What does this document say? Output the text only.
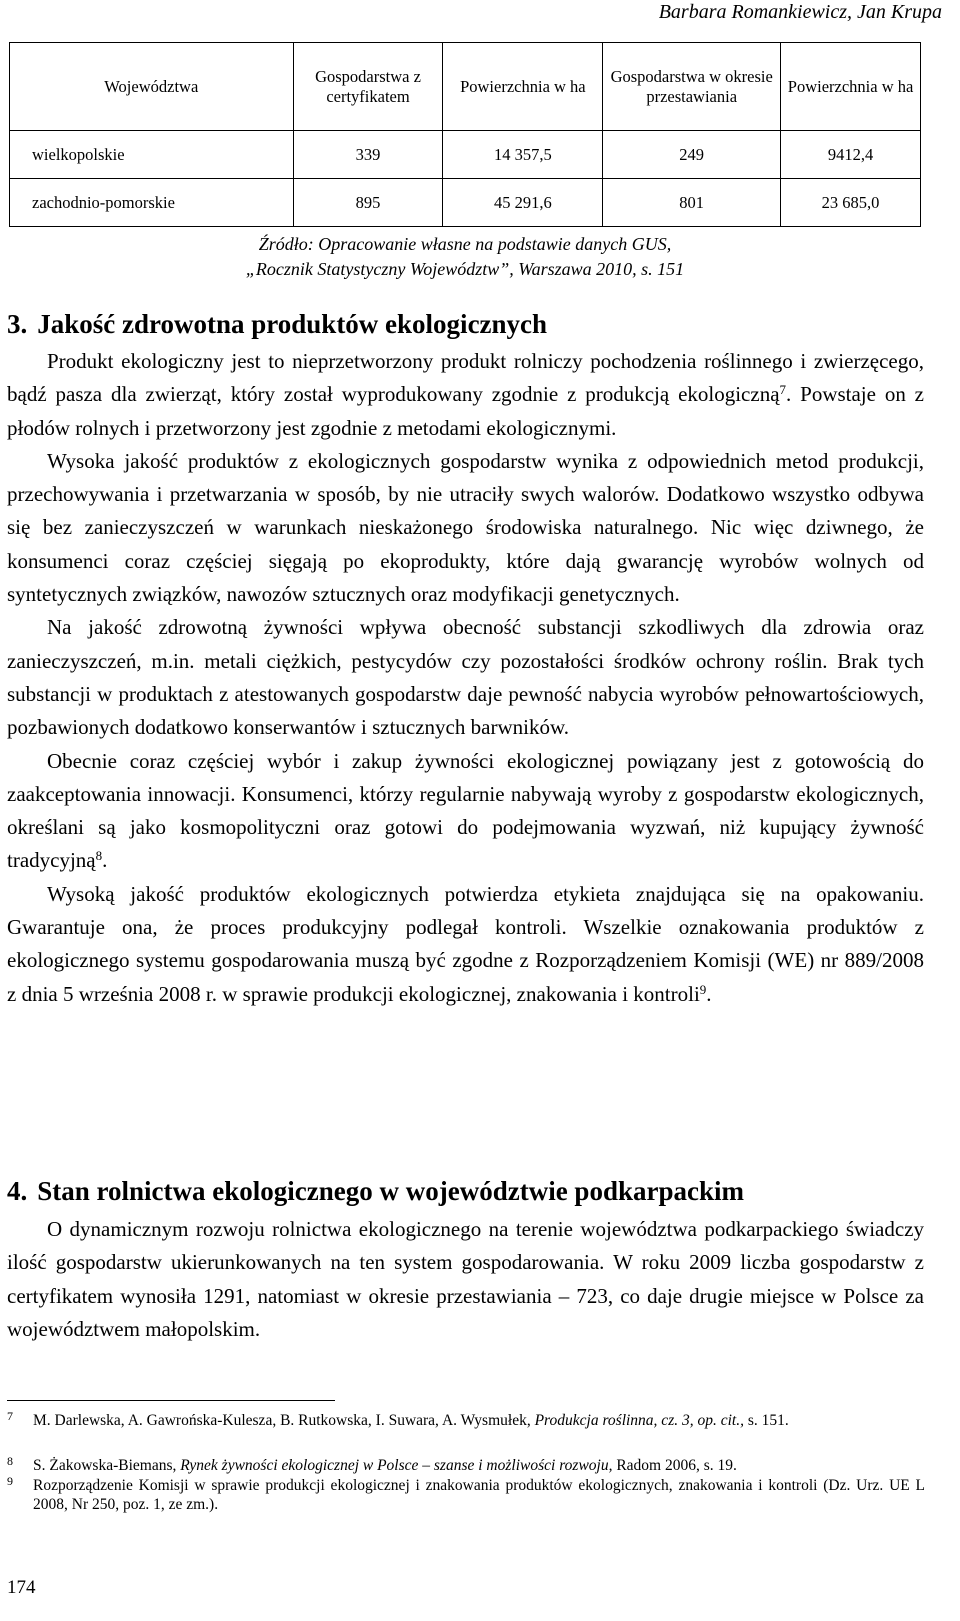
Barbara Romankiewicz, Jan Krupa
Województwa	Gospodarstwa z certyfikatem	Powierzchnia w ha	Gospodarstwa w okresie przestawiania	Powierzchnia w ha
wielkopolskie	339	14 357,5	249	9412,4
zachodnio-pomorskie	895	45 291,6	801	23 685,0
Źródło: Opracowanie własne na podstawie danych GUS,
„Rocznik Statystyczny Województw”, Warszawa 2010, s. 151
3. Jakość zdrowotna produktów ekologicznych

Produkt ekologiczny jest to nieprzetworzony produkt rolniczy pochodzenia roślinnego i zwierzęcego, bądź pasza dla zwierząt, który został wyprodukowany zgodnie z produkcją ekologiczną$^7$. Powstaje on z płodów rolnych i przetworzony jest zgodnie z metodami ekologicznymi.

Wysoka jakość produktów z ekologicznych gospodarstw wynika z odpowiednich metod produkcji, przechowywania i przetwarzania w sposób, by nie utraciły swych walorów. Dodatkowo wszystko odbywa się bez zanieczyszczeń w warunkach nieskażonego środowiska naturalnego. Nic więc dziwnego, że konsumenci coraz częściej sięgają po ekoprodukty, które dają gwarancję wyrobów wolnych od syntetycznych związków, nawozów sztucznych oraz modyfikacji genetycznych.

Na jakość zdrowotną żywności wpływa obecność substancji szkodliwych dla zdrowia oraz zanieczyszczeń, m.in. metali ciężkich, pestycydów czy pozostałości środków ochrony roślin. Brak tych substancji w produktach z atestowanych gospodarstw daje pewność nabycia wyrobów pełnowartościowych, pozbawionych dodatkowo konserwantów i sztucznych barwników.

Obecnie coraz częściej wybór i zakup żywności ekologicznej powiązany jest z gotowością do zaakceptowania innowacji. Konsumenci, którzy regularnie nabywają wyroby z gospodarstw ekologicznych, określani są jako kosmopolityczni oraz gotowi do podejmowania wyzwań, niż kupujący żywność tradycyjną$^8$.

Wysoką jakość produktów ekologicznych potwierdza etykieta znajdująca się na opakowaniu. Gwarantuje ona, że proces produkcyjny podlegał kontroli. Wszelkie oznakowania produktów z ekologicznego systemu gospodarowania muszą być zgodne z Rozporządzeniem Komisji (WE) nr 889/2008 z dnia 5 września 2008 r. w sprawie produkcji ekologicznej, znakowania i kontroli$^9$.

4. Stan rolnictwa ekologicznego w województwie podkarpackim

O dynamicznym rozwoju rolnictwa ekologicznego na terenie województwa podkarpackiego świadczy ilość gospodarstw ukierunkowanych na ten system gospodarowania. W roku 2009 liczba gospodarstw z certyfikatem wynosiła 1291, natomiast w okresie przestawiania – 723, co daje drugie miejsce w Polsce za województwem małopolskim.

7 M. Darlewska, A. Gawrońska-Kulesza, B. Rutkowska, I. Suwara, A. Wysmułek, Produkcja roślinna, cz. 3, op. cit., s. 151.
8 S. Żakowska-Biemans, Rynek żywności ekologicznej w Polsce – szanse i możliwości rozwoju, Radom 2006, s. 19.
9 Rozporządzenie Komisji w sprawie produkcji ekologicznej i znakowania produktów ekologicznych, znakowania i kontroli (Dz. Urz. UE L 2008, Nr 250, poz. 1, ze zm.).
174
